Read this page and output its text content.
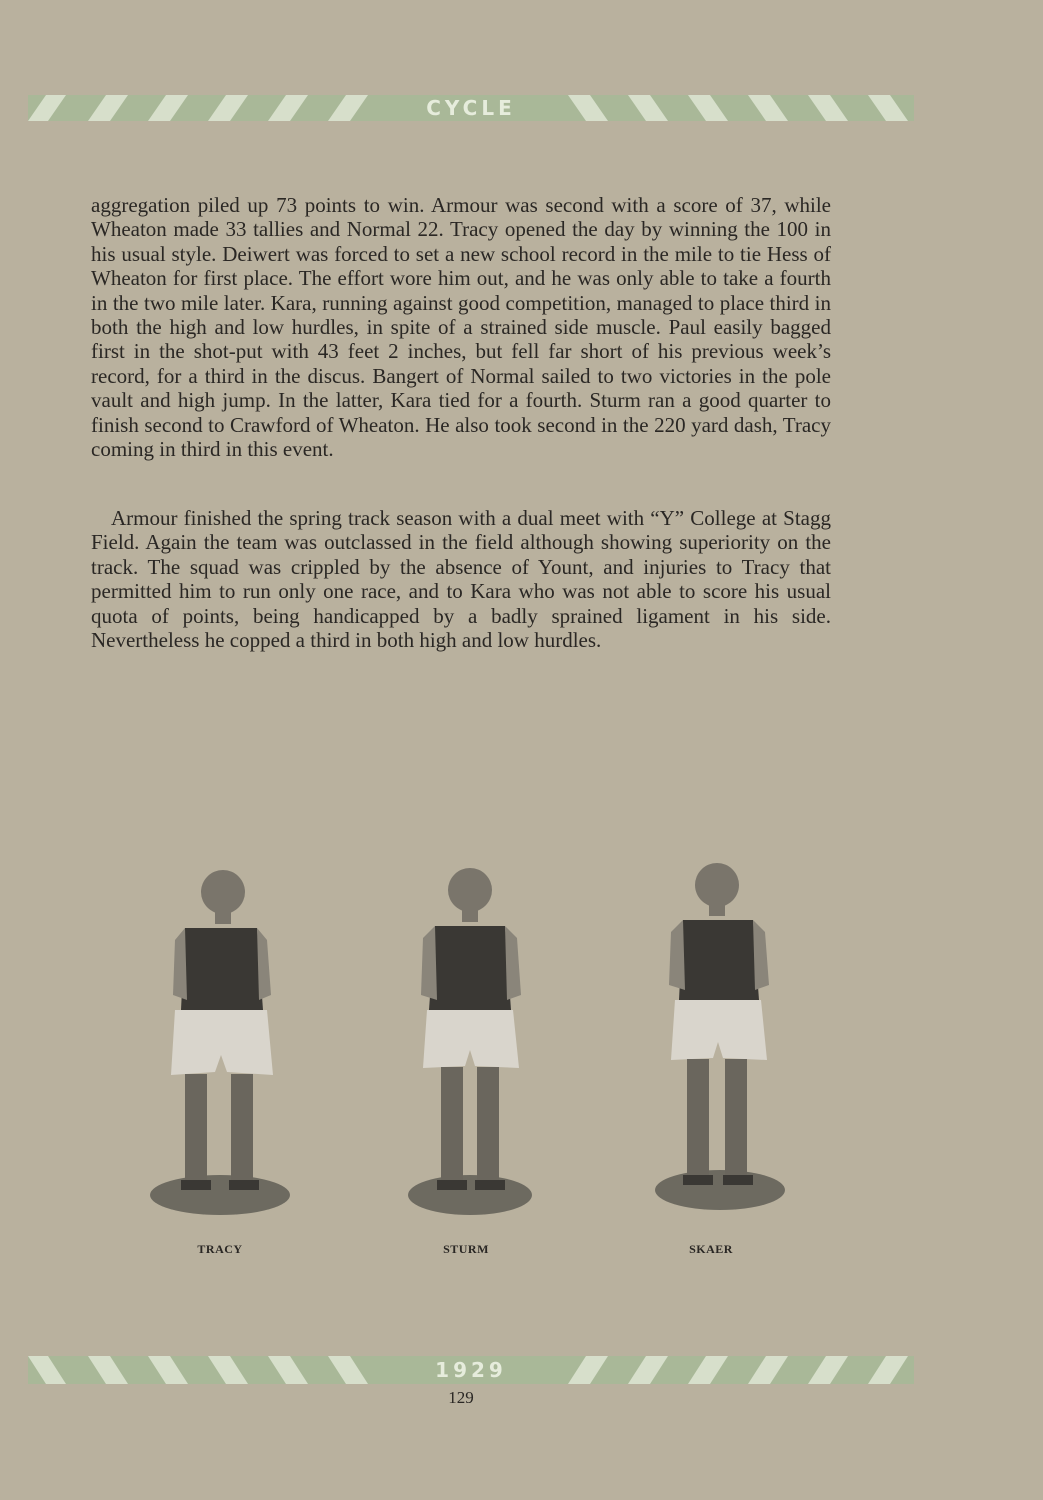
CYCLE

aggregation piled up 73 points to win. Armour was second with a score of 37, while Wheaton made 33 tallies and Normal 22. Tracy opened the day by winning the 100 in his usual style. Deiwert was forced to set a new school record in the mile to tie Hess of Wheaton for first place. The effort wore him out, and he was only able to take a fourth in the two mile later. Kara, running against good competition, managed to place third in both the high and low hurdles, in spite of a strained side muscle. Paul easily bagged first in the shot-put with 43 feet 2 inches, but fell far short of his previous week’s record, for a third in the discus. Bangert of Normal sailed to two victories in the pole vault and high jump. In the latter, Kara tied for a fourth. Sturm ran a good quarter to finish second to Crawford of Wheaton. He also took second in the 220 yard dash, Tracy coming in third in this event.

Armour finished the spring track season with a dual meet with “Y” College at Stagg Field. Again the team was outclassed in the field although showing superiority on the track. The squad was crippled by the absence of Yount, and injuries to Tracy that permitted him to run only one race, and to Kara who was not able to score his usual quota of points, being handicapped by a badly sprained ligament in his side. Nevertheless he copped a third in both high and low hurdles.

TRACY	STURM	SKAER
1929
129
